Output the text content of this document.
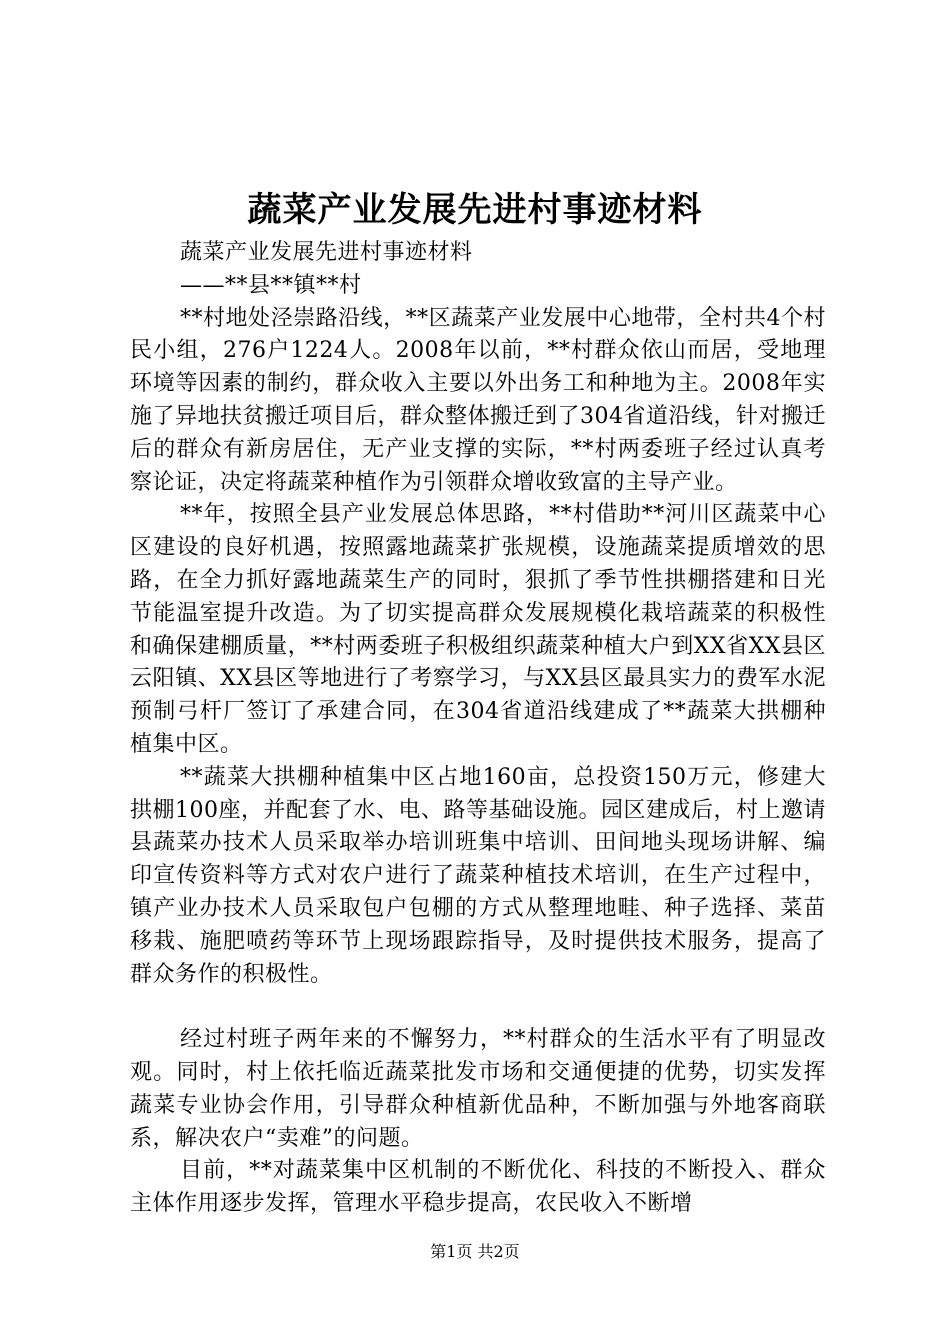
蔬菜产业发展先进村事迹材料

蔬菜产业发展先进村事迹材料

——**县**镇**村

**村地处泾崇路沿线，**区蔬菜产业发展中心地带，全村共4个村民小组，276户1224人。2008年以前，**村群众依山而居，受地理环境等因素的制约，群众收入主要以外出务工和种地为主。2008年实施了异地扶贫搬迁项目后，群众整体搬迁到了304省道沿线，针对搬迁后的群众有新房居住，无产业支撑的实际，**村两委班子经过认真考察论证，决定将蔬菜种植作为引领群众增收致富的主导产业。

**年，按照全县产业发展总体思路，**村借助**河川区蔬菜中心区建设的良好机遇，按照露地蔬菜扩张规模，设施蔬菜提质增效的思路，在全力抓好露地蔬菜生产的同时，狠抓了季节性拱棚搭建和日光节能温室提升改造。为了切实提高群众发展规模化栽培蔬菜的积极性和确保建棚质量，**村两委班子积极组织蔬菜种植大户到XX省XX县区云阳镇、XX县区等地进行了考察学习，与XX县区最具实力的费军水泥预制弓杆厂签订了承建合同，在304省道沿线建成了**蔬菜大拱棚种植集中区。

**蔬菜大拱棚种植集中区占地160亩，总投资150万元，修建大拱棚100座，并配套了水、电、路等基础设施。园区建成后，村上邀请县蔬菜办技术人员采取举办培训班集中培训、田间地头现场讲解、编印宣传资料等方式对农户进行了蔬菜种植技术培训，在生产过程中，镇产业办技术人员采取包户包棚的方式从整理地畦、种子选择、菜苗移栽、施肥喷药等环节上现场跟踪指导，及时提供技术服务，提高了群众务作的积极性。

经过村班子两年来的不懈努力，**村群众的生活水平有了明显改观。同时，村上依托临近蔬菜批发市场和交通便捷的优势，切实发挥蔬菜专业协会作用，引导群众种植新优品种，不断加强与外地客商联系，解决农户“卖难”的问题。

目前，**对蔬菜集中区机制的不断优化、科技的不断投入、群众主体作用逐步发挥，管理水平稳步提高，农民收入不断增

第1页 共2页
